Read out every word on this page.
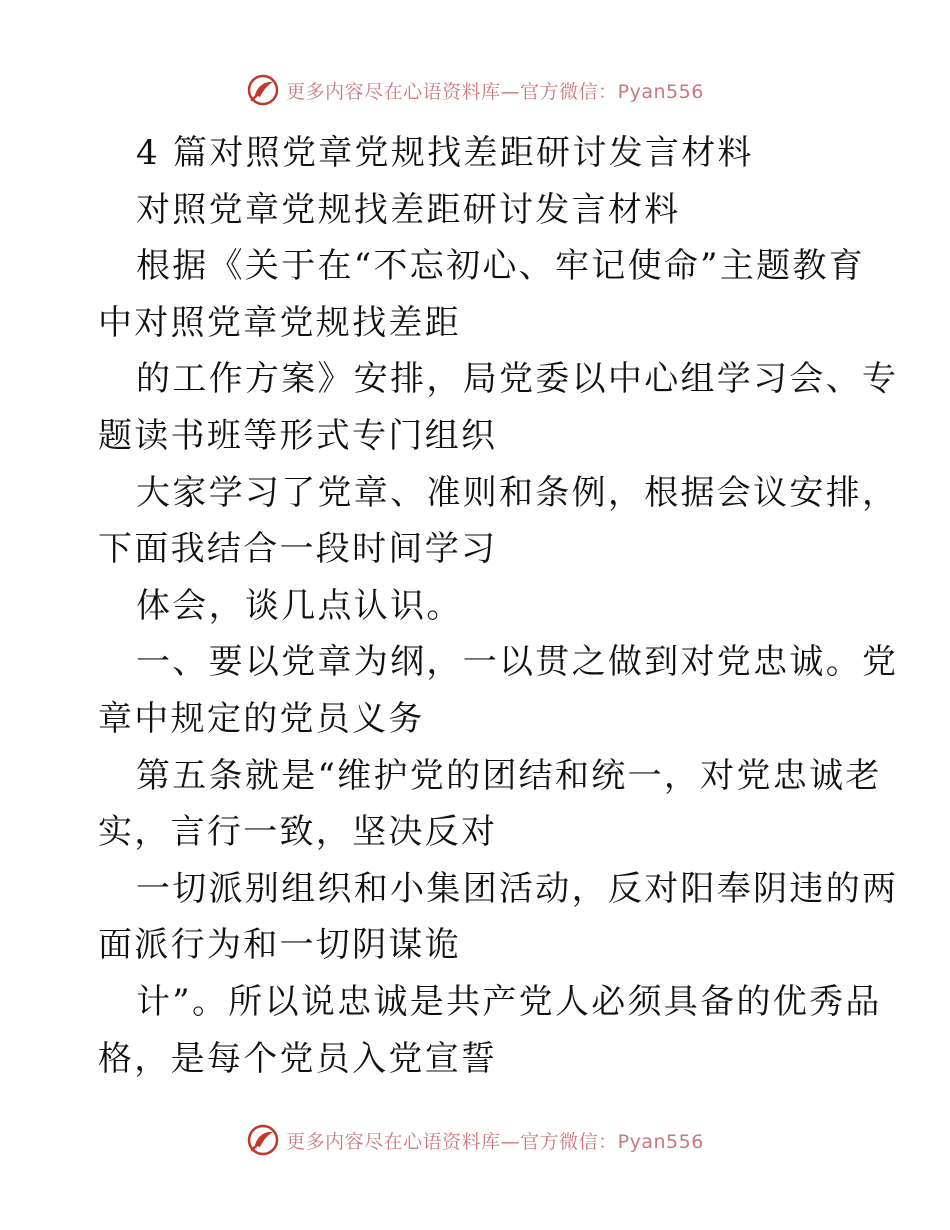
更多内容尽在心语资料库—官方微信：Pyan556
4 篇对照党章党规找差距研讨发言材料
对照党章党规找差距研讨发言材料
根据《关于在“不忘初心、牢记使命”主题教育
中对照党章党规找差距
的工作方案》安排，局党委以中心组学习会、专
题读书班等形式专门组织
大家学习了党章、准则和条例，根据会议安排，
下面我结合一段时间学习
体会，谈几点认识。
一、要以党章为纲，一以贯之做到对党忠诚。党
章中规定的党员义务
第五条就是“维护党的团结和统一，对党忠诚老
实，言行一致，坚决反对
一切派别组织和小集团活动，反对阳奉阴违的两
面派行为和一切阴谋诡
计”。所以说忠诚是共产党人必须具备的优秀品
格，是每个党员入党宣誓
更多内容尽在心语资料库—官方微信：Pyan556
